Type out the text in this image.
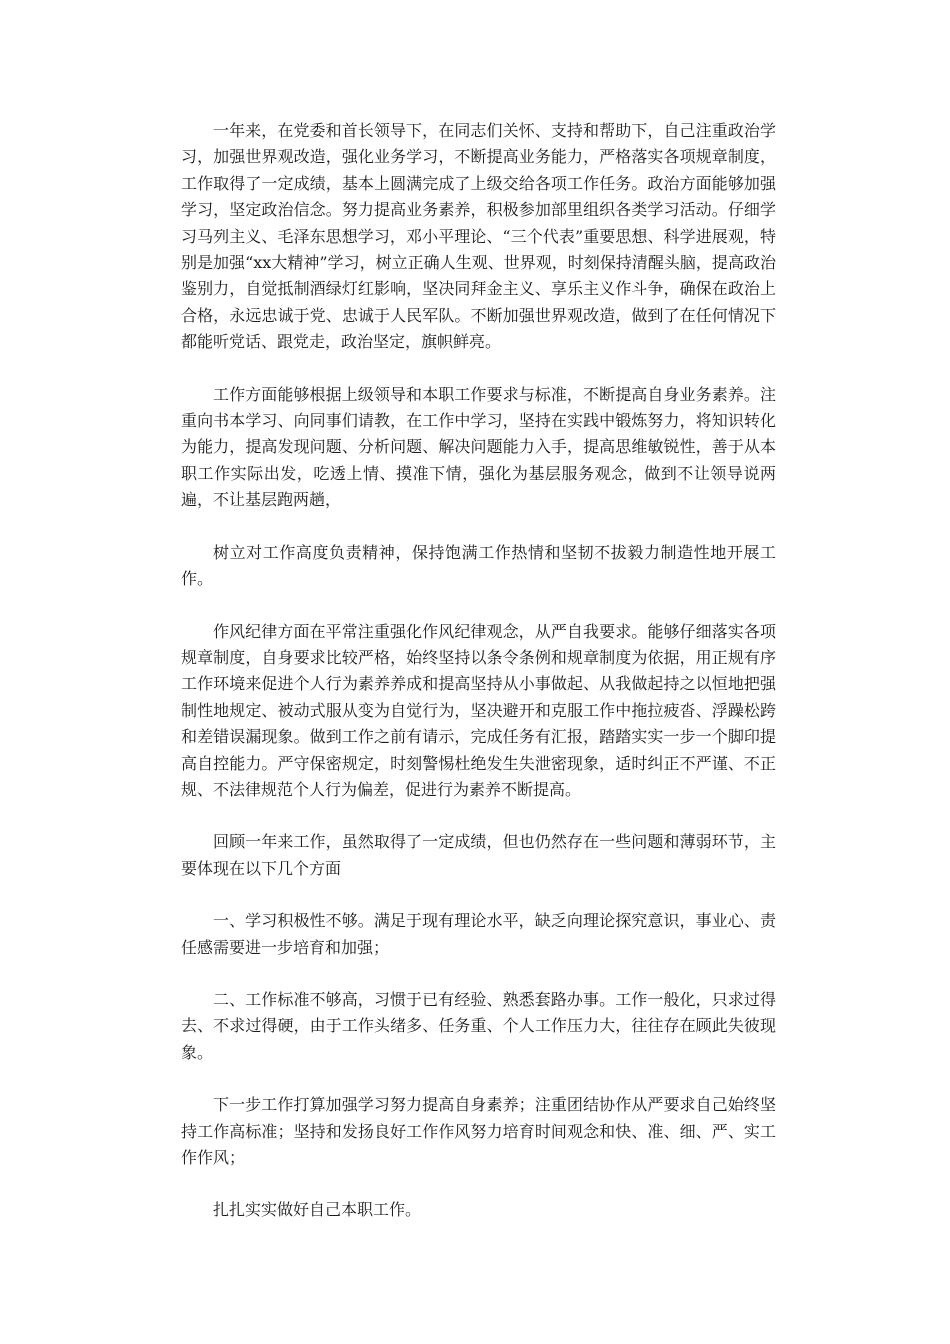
一年来，在党委和首长领导下，在同志们关怀、支持和帮助下，自己注重政治学习，加强世界观改造，强化业务学习，不断提高业务能力，严格落实各项规章制度，工作取得了一定成绩，基本上圆满完成了上级交给各项工作任务。政治方面能够加强学习，坚定政治信念。努力提高业务素养，积极参加部里组织各类学习活动。仔细学习马列主义、毛泽东思想学习，邓小平理论、“三个代表”重要思想、科学进展观，特别是加强“xx大精神”学习，树立正确人生观、世界观，时刻保持清醒头脑，提高政治鉴别力，自觉抵制酒绿灯红影响，坚决同拜金主义、享乐主义作斗争，确保在政治上合格，永远忠诚于党、忠诚于人民军队。不断加强世界观改造，做到了在任何情况下都能听党话、跟党走，政治坚定，旗帜鲜亮。

工作方面能够根据上级领导和本职工作要求与标准，不断提高自身业务素养。注重向书本学习、向同事们请教，在工作中学习，坚持在实践中锻炼努力，将知识转化为能力，提高发现问题、分析问题、解决问题能力入手，提高思维敏锐性，善于从本职工作实际出发，吃透上情、摸准下情，强化为基层服务观念，做到不让领导说两遍，不让基层跑两趟，

树立对工作高度负责精神，保持饱满工作热情和坚韧不拔毅力制造性地开展工作。

作风纪律方面在平常注重强化作风纪律观念，从严自我要求。能够仔细落实各项规章制度，自身要求比较严格，始终坚持以条令条例和规章制度为依据，用正规有序工作环境来促进个人行为素养养成和提高坚持从小事做起、从我做起持之以恒地把强制性地规定、被动式服从变为自觉行为，坚决避开和克服工作中拖拉疲沓、浮躁松跨和差错误漏现象。做到工作之前有请示，完成任务有汇报，踏踏实实一步一个脚印提高自控能力。严守保密规定，时刻警惕杜绝发生失泄密现象，适时纠正不严谨、不正规、不法律规范个人行为偏差，促进行为素养不断提高。

回顾一年来工作，虽然取得了一定成绩，但也仍然存在一些问题和薄弱环节，主要体现在以下几个方面

一、学习积极性不够。满足于现有理论水平，缺乏向理论探究意识，事业心、责任感需要进一步培育和加强；

二、工作标准不够高，习惯于已有经验、熟悉套路办事。工作一般化，只求过得去、不求过得硬，由于工作头绪多、任务重、个人工作压力大，往往存在顾此失彼现象。

下一步工作打算加强学习努力提高自身素养；注重团结协作从严要求自己始终坚持工作高标准；坚持和发扬良好工作作风努力培育时间观念和快、准、细、严、实工作作风；

扎扎实实做好自己本职工作。
